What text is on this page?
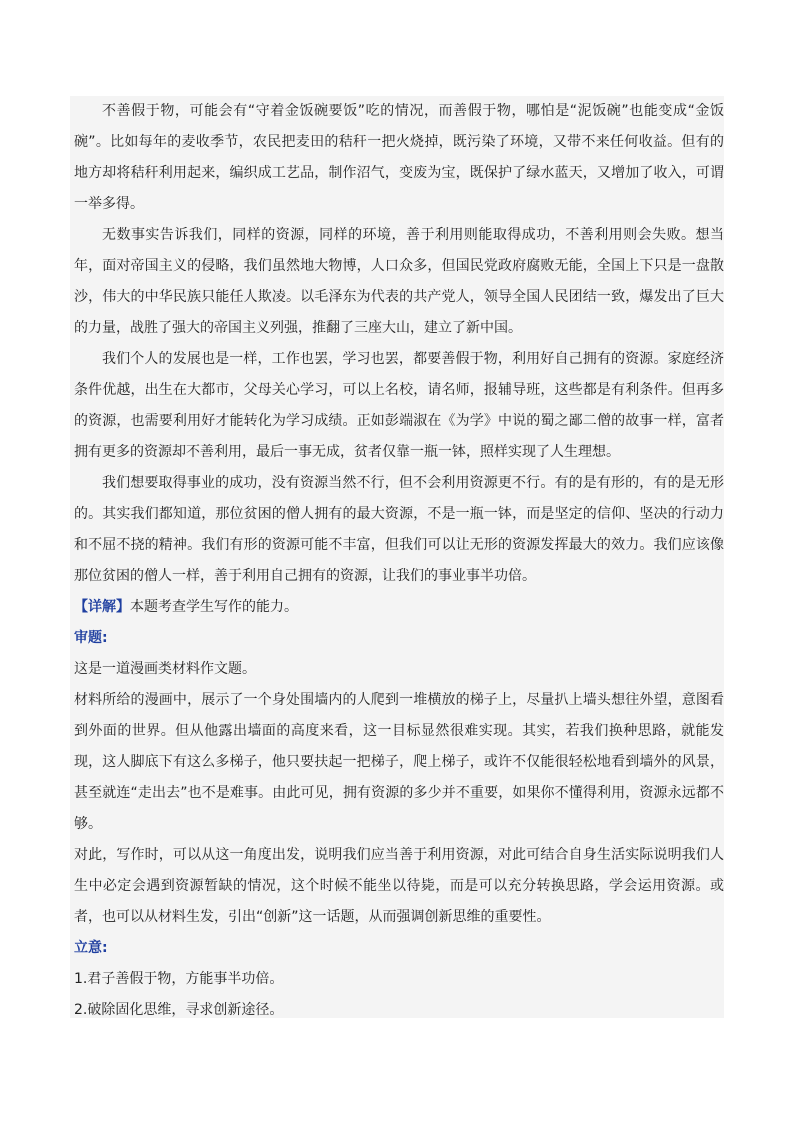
不善假于物，可能会有“守着金饭碗要饭”吃的情况，而善假于物，哪怕是“泥饭碗”也能变成“金饭碗”。比如每年的麦收季节，农民把麦田的秸秆一把火烧掉，既污染了环境，又带不来任何收益。但有的地方却将秸秆利用起来，编织成工艺品，制作沼气，变废为宝，既保护了绿水蓝天，又增加了收入，可谓一举多得。

无数事实告诉我们，同样的资源，同样的环境，善于利用则能取得成功，不善利用则会失败。想当年，面对帝国主义的侵略，我们虽然地大物博，人口众多，但国民党政府腐败无能，全国上下只是一盘散沙，伟大的中华民族只能任人欺凌。以毛泽东为代表的共产党人，领导全国人民团结一致，爆发出了巨大的力量，战胜了强大的帝国主义列强，推翻了三座大山，建立了新中国。

我们个人的发展也是一样，工作也罢，学习也罢，都要善假于物，利用好自己拥有的资源。家庭经济条件优越，出生在大都市，父母关心学习，可以上名校，请名师，报辅导班，这些都是有利条件。但再多的资源，也需要利用好才能转化为学习成绩。正如彭端淑在《为学》中说的蜀之鄙二僧的故事一样，富者拥有更多的资源却不善利用，最后一事无成，贫者仅靠一瓶一钵，照样实现了人生理想。

我们想要取得事业的成功，没有资源当然不行，但不会利用资源更不行。有的是有形的，有的是无形的。其实我们都知道，那位贫困的僧人拥有的最大资源，不是一瓶一钵，而是坚定的信仰、坚决的行动力和不屈不挠的精神。我们有形的资源可能不丰富，但我们可以让无形的资源发挥最大的效力。我们应该像那位贫困的僧人一样，善于利用自己拥有的资源，让我们的事业事半功倍。

【详解】本题考查学生写作的能力。

审题:

这是一道漫画类材料作文题。

材料所给的漫画中，展示了一个身处围墙内的人爬到一堆横放的梯子上，尽量扒上墙头想往外望，意图看到外面的世界。但从他露出墙面的高度来看，这一目标显然很难实现。其实，若我们换种思路，就能发现，这人脚底下有这么多梯子，他只要扶起一把梯子，爬上梯子，或许不仅能很轻松地看到墙外的风景，甚至就连“走出去”也不是难事。由此可见，拥有资源的多少并不重要，如果你不懂得利用，资源永远都不够。

对此，写作时，可以从这一角度出发，说明我们应当善于利用资源，对此可结合自身生活实际说明我们人生中必定会遇到资源暂缺的情况，这个时候不能坐以待毙，而是可以充分转换思路，学会运用资源。或者，也可以从材料生发，引出“创新”这一话题，从而强调创新思维的重要性。

立意:

1.君子善假于物，方能事半功倍。

2.破除固化思维，寻求创新途径。
